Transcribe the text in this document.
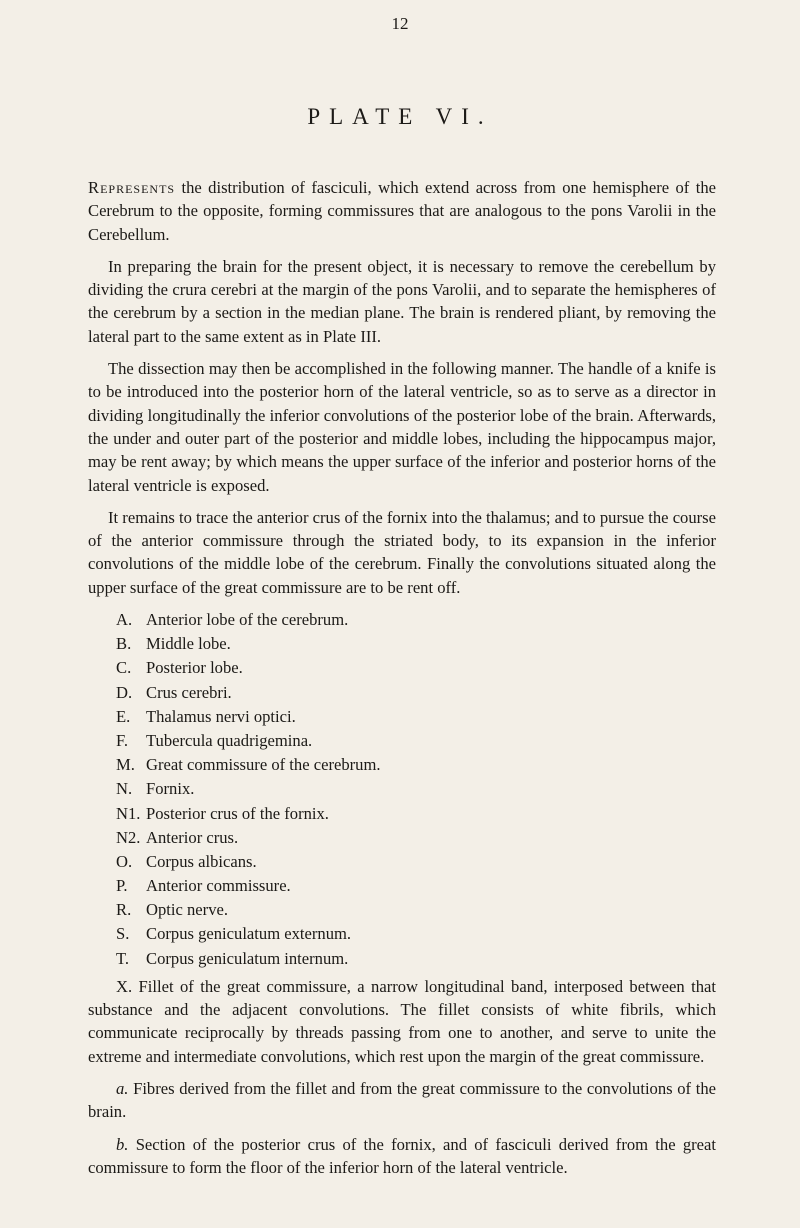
12
PLATE VI.

Represents the distribution of fasciculi, which extend across from one hemisphere of the Cerebrum to the opposite, forming commissures that are analogous to the pons Varolii in the Cerebellum.

In preparing the brain for the present object, it is necessary to remove the cerebellum by dividing the crura cerebri at the margin of the pons Varolii, and to separate the hemispheres of the cerebrum by a section in the median plane. The brain is rendered pliant, by removing the lateral part to the same extent as in Plate III.

The dissection may then be accomplished in the following manner. The handle of a knife is to be introduced into the posterior horn of the lateral ventricle, so as to serve as a director in dividing longitudinally the inferior convolutions of the posterior lobe of the brain. Afterwards, the under and outer part of the posterior and middle lobes, including the hippocampus major, may be rent away; by which means the upper surface of the inferior and posterior horns of the lateral ventricle is exposed.

It remains to trace the anterior crus of the fornix into the thalamus; and to pursue the course of the anterior commissure through the striated body, to its expansion in the inferior convolutions of the middle lobe of the cerebrum. Finally the convolutions situated along the upper surface of the great commissure are to be rent off.

A. Anterior lobe of the cerebrum.
B. Middle lobe.
C. Posterior lobe.
D. Crus cerebri.
E. Thalamus nervi optici.
F.	Tubercula quadrigemina.
M. Great commissure of the cerebrum.
N. Fornix.
N1. Posterior crus of the fornix.
N2. Anterior crus.
O. Corpus albicans.
P.	Anterior commissure.
R. Optic nerve.
S.	Corpus geniculatum externum.
T.	Corpus geniculatum internum.

X. Fillet of the great commissure, a narrow longitudinal band, interposed between that substance and the adjacent convolutions. The fillet consists of white fibrils, which communicate reciprocally by threads passing from one to another, and serve to unite the extreme and intermediate convolutions, which rest upon the margin of the great commissure.

a. Fibres derived from the fillet and from the great commissure to the convolutions of the brain.

b. Section of the posterior crus of the fornix, and of fasciculi derived from the great commissure to form the floor of the inferior horn of the lateral ventricle.
